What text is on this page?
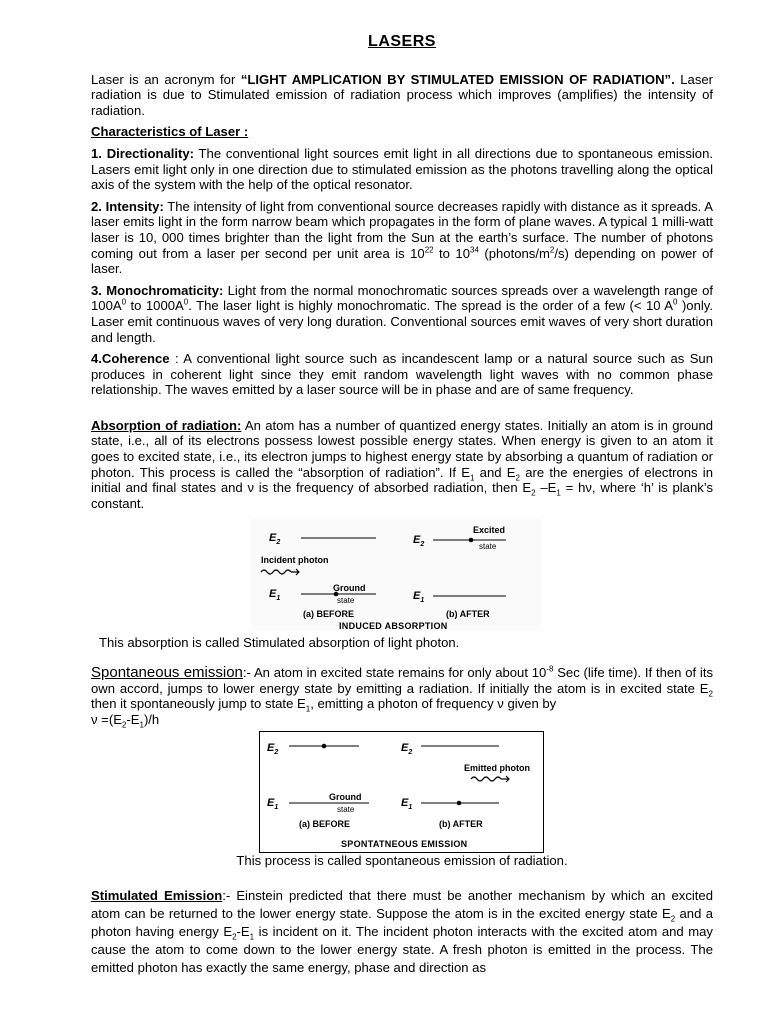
LASERS

Laser is an acronym for “LIGHT AMPLICATION BY STIMULATED EMISSION OF RADIATION”. Laser radiation is due to Stimulated emission of radiation process which improves (amplifies) the intensity of radiation.

Characteristics of Laser :

1. Directionality: The conventional light sources emit light in all directions due to spontaneous emission. Lasers emit light only in one direction due to stimulated emission as the photons travelling along the optical axis of the system with the help of the optical resonator.

2. Intensity: The intensity of light from conventional source decreases rapidly with distance as it spreads. A laser emits light in the form narrow beam which propagates in the form of plane waves. A typical 1 milli-watt laser is 10, 000 times brighter than the light from the Sun at the earth’s surface. The number of photons coming out from a laser per second per unit area is $10^{22}$ to $10^{34}$ $(photons/m^2/s)$ depending on power of laser.

3. Monochromaticity: Light from the normal monochromatic sources spreads over a wavelength range of $100A^0$ to $1000A^0$. The laser light is highly monochromatic. The spread is the order of a few (< 10 $A^0$ )only. Laser emit continuous waves of very long duration. Conventional sources emit waves of very short duration and length.

4.Coherence : A conventional light source such as incandescent lamp or a natural source such as Sun produces in coherent light since they emit random wavelength light waves with no common phase relationship. The waves emitted by a laser source will be in phase and are of same frequency.

Absorption of radiation: An atom has a number of quantized energy states. Initially an atom is in ground state, i.e., all of its electrons possess lowest possible energy states. When energy is given to an atom it goes to excited state, i.e., its electron jumps to highest energy state by absorbing a quantum of radiation or photon. This process is called the “absorption of radiation”. If $E_1$ and $E_2$ are the energies of electrons in initial and final states and ν is the frequency of absorbed radiation, then $E_2$ $-E_1 = h\nu$, where ‘h’ is plank’s constant.

$E_2$
Incident photon
$E_1$
Ground
state
(a) BEFORE
$E_2$
Excited
state
$E_1$
(b) AFTER
INDUCED ABSORPTION

This absorption is called Stimulated absorption of light photon.

Spontaneous emission:- An atom in excited state remains for only about $10^{-8}$ Sec (life time). If then of its own accord, jumps to lower energy state by emitting a radiation. If initially the atom is in excited state $E_2$ then it spontaneously jump to state $E_1$, emitting a photon of frequency ν given by
$\nu =(E_2-E_1)/h$

$E_2$
$E_1$
Ground
state
(a) BEFORE
$E_2$
Emitted photon
$E_1$
(b) AFTER
SPONTATNEOUS EMISSION

This process is called spontaneous emission of radiation.

Stimulated Emission:- Einstein predicted that there must be another mechanism by which an excited atom can be returned to the lower energy state. Suppose the atom is in the excited energy state $E_2$ and a photon having energy $E_2-E_1$ is incident on it. The incident photon interacts with the excited atom and may cause the atom to come down to the lower energy state. A fresh photon is emitted in the process. The emitted photon has exactly the same energy, phase and direction as
